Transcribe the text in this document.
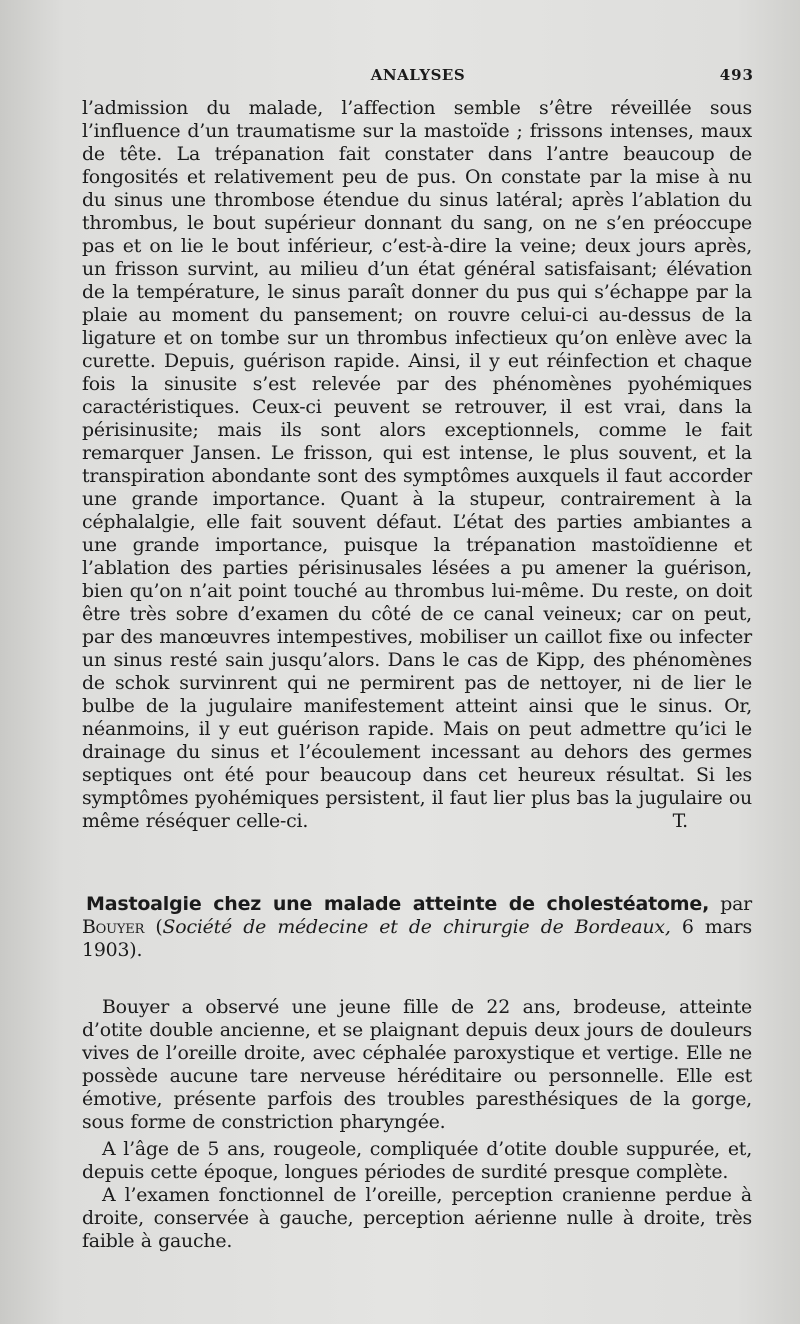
ANALYSES	493

l’admission du malade, l’affection semble s’être réveillée sous l’influence d’un traumatisme sur la mastoïde ; frissons intenses, maux de tête. La trépanation fait constater dans l’antre beaucoup de fongosités et relativement peu de pus. On constate par la mise à nu du sinus une thrombose étendue du sinus latéral; après l’ablation du thrombus, le bout supérieur donnant du sang, on ne s’en préoccupe pas et on lie le bout inférieur, c’est-à-dire la veine; deux jours après, un frisson survint, au milieu d’un état général satisfaisant; élévation de la température, le sinus paraît donner du pus qui s’échappe par la plaie au moment du pansement; on rouvre celui-ci au-dessus de la ligature et on tombe sur un thrombus infectieux qu’on enlève avec la curette. Depuis, guérison rapide. Ainsi, il y eut réinfection et chaque fois la sinusite s’est relevée par des phénomènes pyohémiques caractéristiques. Ceux-ci peuvent se retrouver, il est vrai, dans la périsinusite; mais ils sont alors exceptionnels, comme le fait remarquer Jansen. Le frisson, qui est intense, le plus souvent, et la transpiration abondante sont des symptômes auxquels il faut accorder une grande importance. Quant à la stupeur, contrairement à la céphalalgie, elle fait souvent défaut. L’état des parties ambiantes a une grande importance, puisque la trépanation mastoïdienne et l’ablation des parties périsinusales lésées a pu amener la guérison, bien qu’on n’ait point touché au thrombus lui-même. Du reste, on doit être très sobre d’examen du côté de ce canal veineux; car on peut, par des manœuvres intempestives, mobiliser un caillot fixe ou infecter un sinus resté sain jusqu’alors. Dans le cas de Kipp, des phénomènes de schok survinrent qui ne permirent pas de nettoyer, ni de lier le bulbe de la jugulaire manifestement atteint ainsi que le sinus. Or, néanmoins, il y eut guérison rapide. Mais on peut admettre qu’ici le drainage du sinus et l’écoulement incessant au dehors des germes septiques ont été pour beaucoup dans cet heureux résultat. Si les symptômes pyohémiques persistent, il faut lier plus bas la jugulaire ou même réséquer celle-ci.	T.

Mastoalgie chez une malade atteinte de cholestéatome, par Bouyer (Société de médecine et de chirurgie de Bordeaux, 6 mars 1903).

Bouyer a observé une jeune fille de 22 ans, brodeuse, atteinte d’otite double ancienne, et se plaignant depuis deux jours de douleurs vives de l’oreille droite, avec céphalée paroxystique et vertige. Elle ne possède aucune tare nerveuse héréditaire ou personnelle. Elle est émotive, présente parfois des troubles paresthésiques de la gorge, sous forme de constriction pharyngée.

A l’âge de 5 ans, rougeole, compliquée d’otite double suppurée, et, depuis cette époque, longues périodes de surdité presque complète.

A l’examen fonctionnel de l’oreille, perception cranienne perdue à droite, conservée à gauche, perception aérienne nulle à droite, très faible à gauche.
